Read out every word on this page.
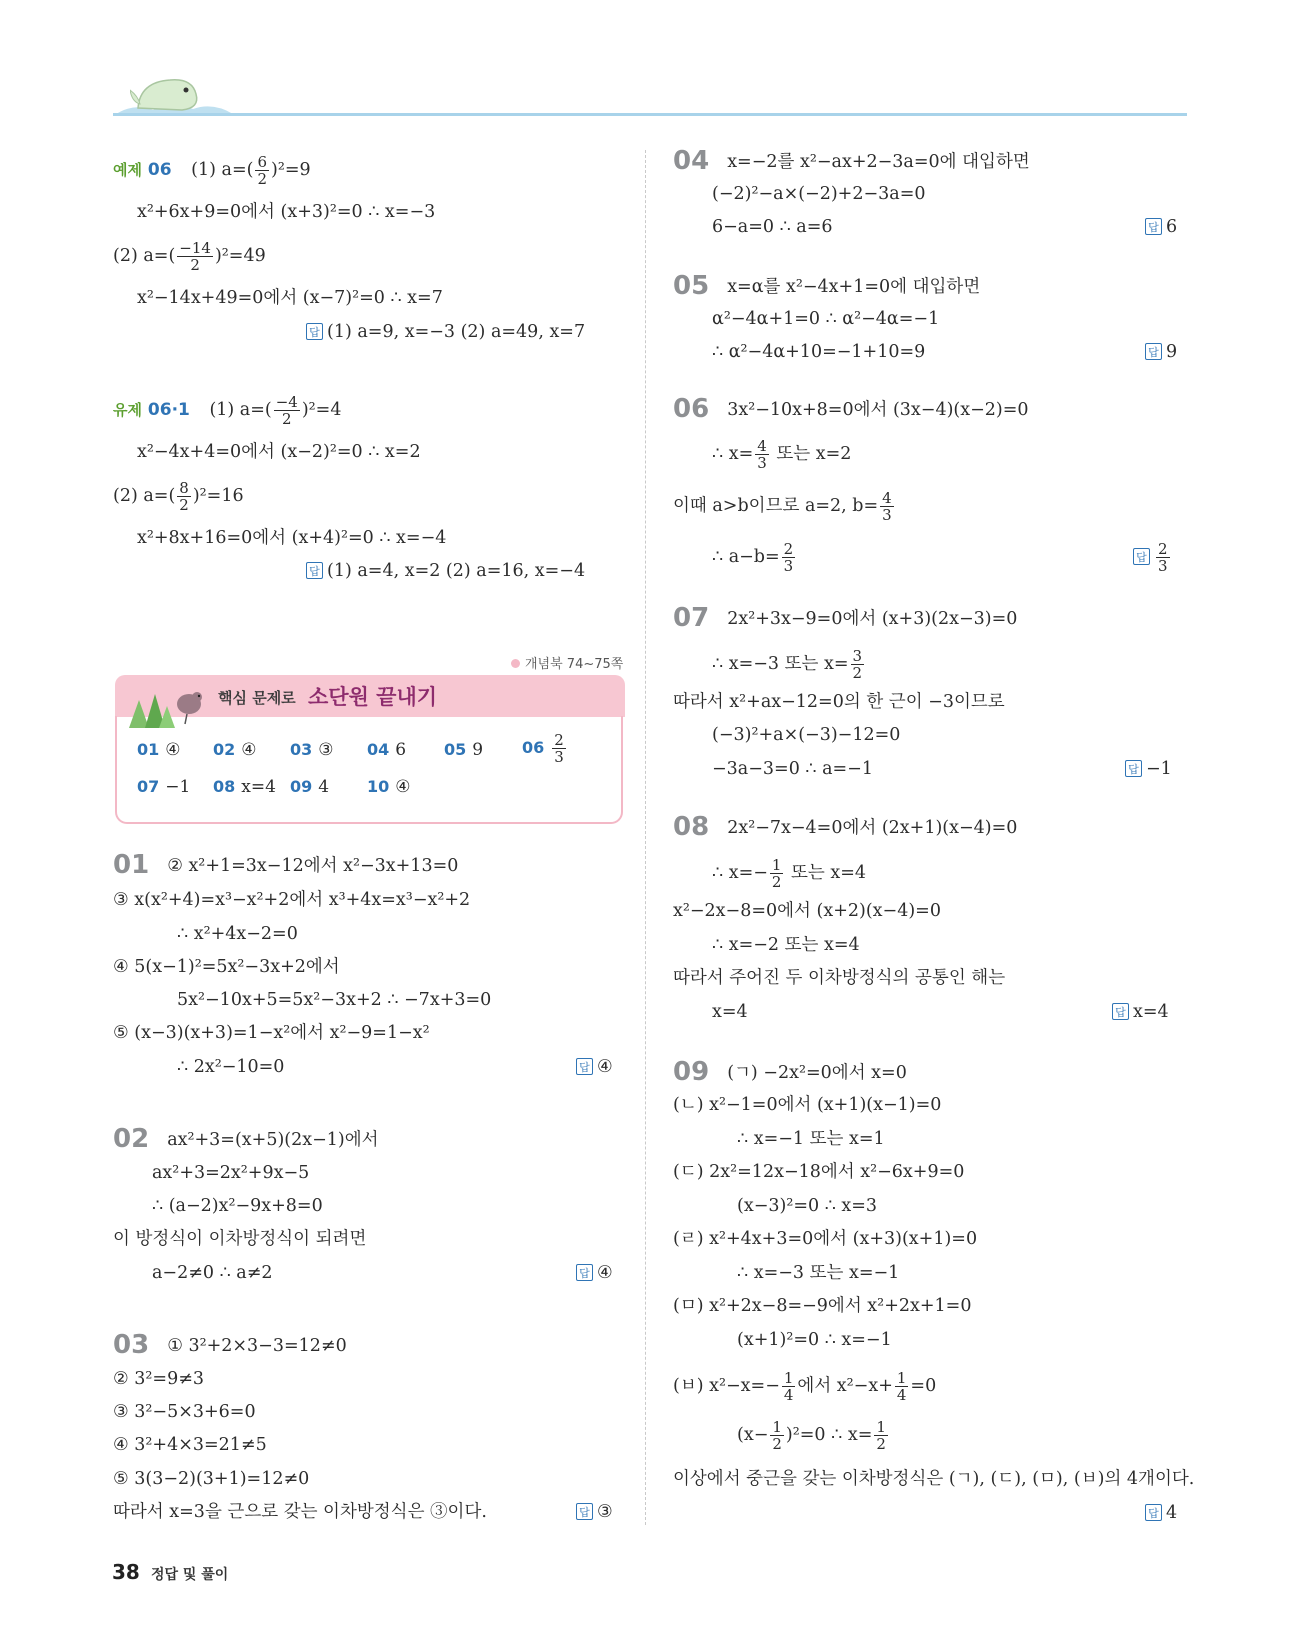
예제 06 (1) $a=( \frac{6}{2} )^2=9$
x²+6x+9=0에서 (x+3)²=0 ∴ x=−3
(2) $a=( \frac{-14}{2} )^2=49$
x²−14x+49=0에서 (x−7)²=0 ∴ x=7
답 (1) a=9, x=−3 (2) a=49, x=7
유제 06·1 (1) $a=( \frac{-4}{2} )^2=4$
x²−4x+4=0에서 (x−2)²=0 ∴ x=2
(2) $a=( \frac{8}{2} )^2=16$
x²+8x+16=0에서 (x+4)²=0 ∴ x=−4
답 (1) a=4, x=2 (2) a=16, x=−4
개념북 74~75쪽
핵심 문제로 소단원 끝내기
01 ④ 02 ④ 03 ③ 04 6 05 9 $06 \frac{2}{3}$
07 −1 08 x=4 09 4 10 ④
01 ② x²+1=3x−12에서 x²−3x+13=0
③ x(x²+4)=x³−x²+2에서 x³+4x=x³−x²+2
∴ x²+4x−2=0
④ 5(x−1)²=5x²−3x+2에서
5x²−10x+5=5x²−3x+2 ∴ −7x+3=0
⑤ (x−3)(x+3)=1−x²에서 x²−9=1−x²
∴ 2x²−10=0	답 ④
02 ax²+3=(x+5)(2x−1)에서
ax²+3=2x²+9x−5
∴ (a−2)x²−9x+8=0
이 방정식이 이차방정식이 되려면
a−2≠0 ∴ a≠2	답 ④
03 ① 3²+2×3−3=12≠0
② 3²=9≠3
③ 3²−5×3+6=0
④ 3²+4×3=21≠5
⑤ 3(3−2)(3+1)=12≠0
따라서 x=3을 근으로 갖는 이차방정식은 ③이다.	답 ③
04 x=−2를 x²−ax+2−3a=0에 대입하면
(−2)²−a×(−2)+2−3a=0
6−a=0 ∴ a=6	답 6
05 x=α를 x²−4x+1=0에 대입하면
α²−4α+1=0 ∴ α²−4α=−1
∴ α²−4α+10=−1+10=9	답 9
06 3x²−10x+8=0에서 (3x−4)(x−2)=0
∴ $x= \frac{4}{3}$ 또는 x=2
이때 a>b이므로 a=2, $b= \frac{4}{3}$
∴ $a-b= \frac{2}{3}$	답 $\frac{2}{3}$
07 2x²+3x−9=0에서 (x+3)(2x−3)=0
∴ x=−3 또는 $x= \frac{3}{2}$
따라서 x²+ax−12=0의 한 근이 −3이므로
(−3)²+a×(−3)−12=0
−3a−3=0 ∴ a=−1	답 −1
08 2x²−7x−4=0에서 (2x+1)(x−4)=0
∴ $x=- \frac{1}{2}$ 또는 x=4
x²−2x−8=0에서 (x+2)(x−4)=0
∴ x=−2 또는 x=4
따라서 주어진 두 이차방정식의 공통인 해는
x=4	답 x=4
09 (ㄱ) −2x²=0에서 x=0
(ㄴ) x²−1=0에서 (x+1)(x−1)=0
∴ x=−1 또는 x=1
(ㄷ) 2x²=12x−18에서 x²−6x+9=0
(x−3)²=0 ∴ x=3
(ㄹ) x²+4x+3=0에서 (x+3)(x+1)=0
∴ x=−3 또는 x=−1
(ㅁ) x²+2x−8=−9에서 x²+2x+1=0
(x+1)²=0 ∴ x=−1
(ㅂ) $x^2-x=- \frac{1}{4}$ 에서 $x^2-x+ \frac{1}{4} =0$
$(x- \frac{1}{2} )^2=0$ ∴ $x= \frac{1}{2}$
이상에서 중근을 갖는 이차방정식은 (ㄱ), (ㄷ), (ㅁ), (ㅂ)의 4개이다.
답 4
38 정답 및 풀이
